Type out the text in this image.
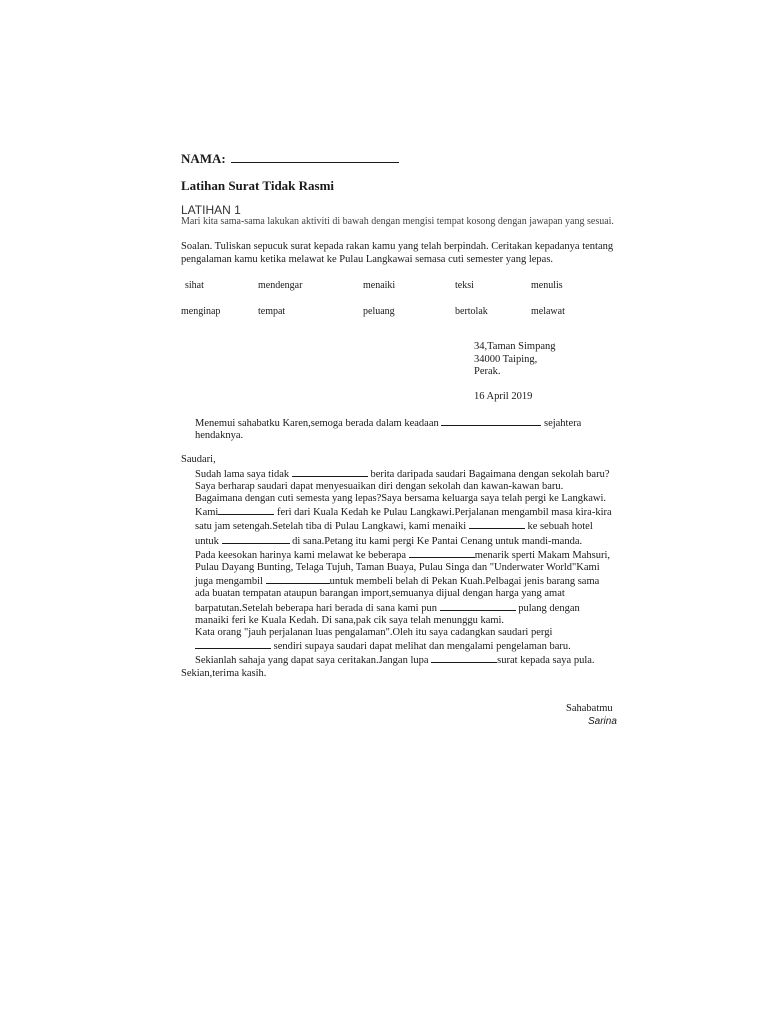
NAMA:
Latihan Surat Tidak Rasmi
LATIHAN 1
Mari kita sama-sama lakukan aktiviti di bawah dengan mengisi tempat kosong dengan jawapan yang sesuai.
Soalan. Tuliskan sepucuk surat kepada rakan kamu yang telah berpindah. Ceritakan kepadanya tentang pengalaman kamu ketika melawat ke Pulau Langkawai semasa cuti semester yang lepas.
sihat	mendengar	menaiki	teksi	menulis
menginap	tempat	peluang	bertolak	melawat
34,Taman Simpang
34000 Taiping,
Perak.
16 April 2019

Menemui sahabatku Karen,semoga berada dalam keadaan	sejahtera hendaknya.

Saudari,

Sudah lama saya tidak	berita daripada saudari Bagaimana dengan sekolah baru?Saya berharap saudari dapat menyesuaikan diri dengan sekolah dan kawan-kawan baru.

Bagaimana dengan cuti semesta yang lepas?Saya bersama keluarga saya telah pergi ke Langkawi. Kami	feri dari Kuala Kedah ke Pulau Langkawi.Perjalanan mengambil masa kira-kira satu jam setengah.Setelah tiba di Pulau Langkawi, kami menaiki	ke sebuah hotel untuk	di sana.Petang itu kami pergi Ke Pantai Cenang untuk mandi-manda.

Pada keesokan harinya kami melawat ke beberapa	menarik sperti Makam Mahsuri, Pulau Dayang Bunting, Telaga Tujuh, Taman Buaya, Pulau Singa dan "Underwater World"Kami juga mengambil	untuk membeli belah di Pekan Kuah.Pelbagai jenis barang sama ada buatan tempatan ataupun barangan import,semuanya dijual dengan harga yang amat barpatutan.Setelah beberapa hari berada di sana kami pun	pulang dengan manaiki feri ke Kuala Kedah. Di sana,pak cik saya telah menunggu kami.

Kata orang "jauh perjalanan luas pengalaman".Oleh itu saya cadangkan saudari pergi  sendiri supaya saudari dapat melihat dan mengalami pengelaman baru.

Sekianlah sahaja yang dapat saya ceritakan.Jangan lupa	surat kepada saya pula.

Sekian,terima kasih.

Sahabatmu
Sarina
